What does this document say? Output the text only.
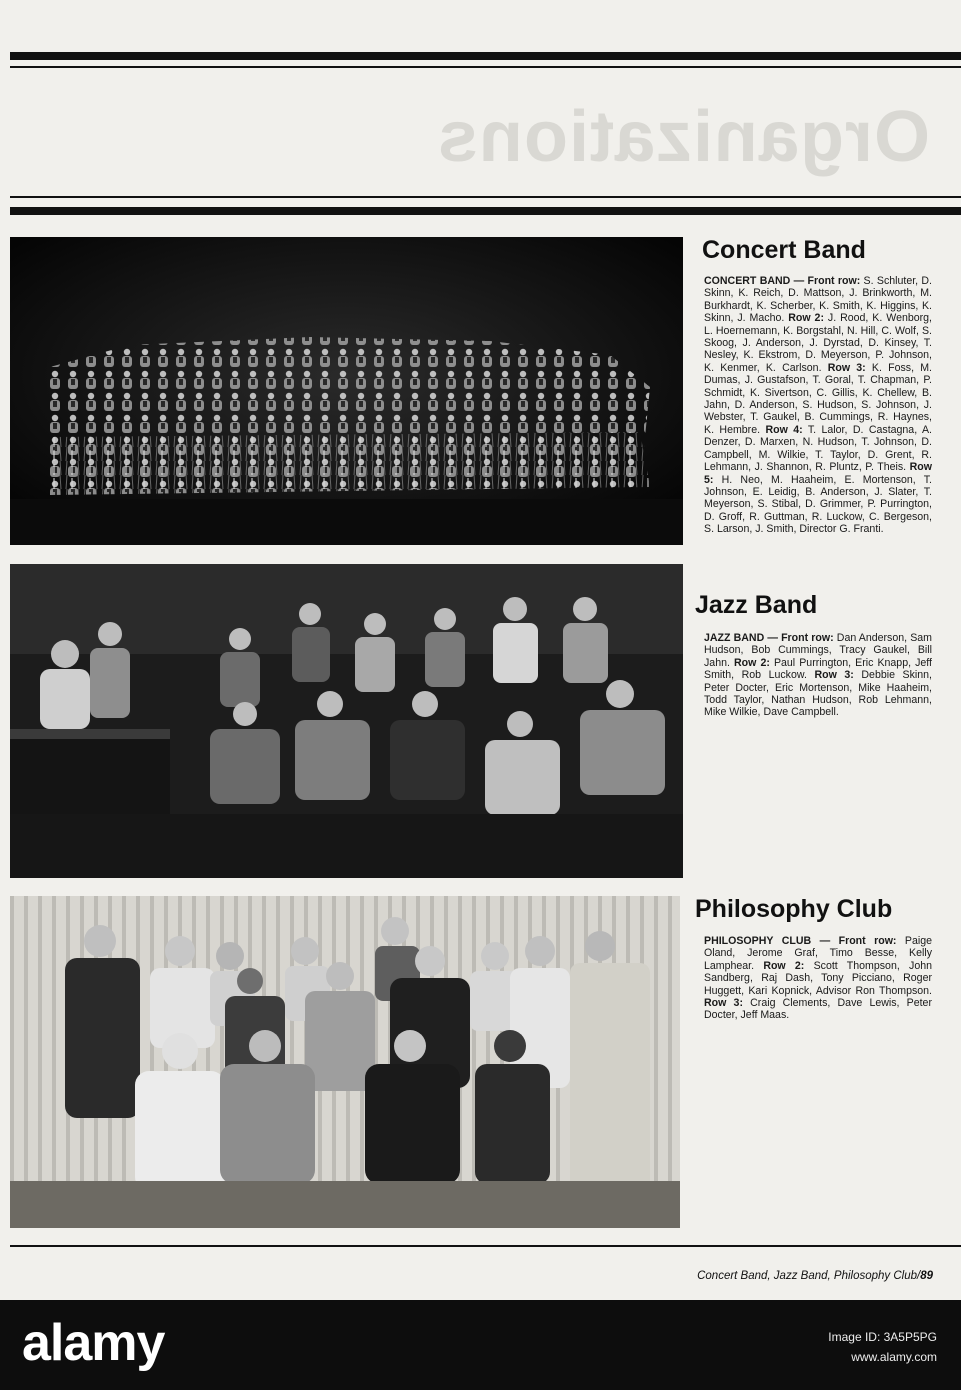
Organizations
Concert Band
CONCERT BAND — Front row: S. Schluter, D. Skinn, K. Reich, D. Mattson, J. Brinkworth, M. Burkhardt, K. Scherber, K. Smith, K. Higgins, K. Skinn, J. Macho. Row 2: J. Rood, K. Wenborg, L. Hoernemann, K. Borgstahl, N. Hill, C. Wolf, S. Skoog, J. Anderson, J. Dyrstad, D. Kinsey, T. Nesley, K. Ekstrom, D. Meyerson, P. Johnson, K. Kenmer, K. Carlson. Row 3: K. Foss, M. Dumas, J. Gustafson, T. Goral, T. Chapman, P. Schmidt, K. Sivertson, C. Gillis, K. Chellew, B. Jahn, D. Anderson, S. Hudson, S. Johnson, J. Webster, T. Gaukel, B. Cummings, R. Haynes, K. Hembre. Row 4: T. Lalor, D. Castagna, A. Denzer, D. Marxen, N. Hudson, T. Johnson, D. Campbell, M. Wilkie, T. Taylor, D. Grent, R. Lehmann, J. Shannon, R. Pluntz, P. Theis. Row 5: H. Neo, M. Haaheim, E. Mortenson, T. Johnson, E. Leidig, B. Anderson, J. Slater, T. Meyerson, S. Stibal, D. Grimmer, P. Purrington, D. Groff, R. Guttman, R. Luckow, C. Bergeson, S. Larson, J. Smith, Director G. Franti.
Jazz Band
JAZZ BAND — Front row: Dan Anderson, Sam Hudson, Bob Cummings, Tracy Gaukel, Bill Jahn. Row 2: Paul Purrington, Eric Knapp, Jeff Smith, Rob Luckow. Row 3: Debbie Skinn, Peter Docter, Eric Mortenson, Mike Haaheim, Todd Taylor, Nathan Hudson, Rob Lehmann, Mike Wilkie, Dave Campbell.
Philosophy Club
PHILOSOPHY CLUB — Front row: Paige Oland, Jerome Graf, Timo Besse, Kelly Lamphear. Row 2: Scott Thompson, John Sandberg, Raj Dash, Tony Picciano, Roger Huggett, Kari Kopnick, Advisor Ron Thompson. Row 3: Craig Clements, Dave Lewis, Peter Docter, Jeff Maas.
Concert Band, Jazz Band, Philosophy Club/89
alamy	Image ID: 3A5P5PG
www.alamy.com
